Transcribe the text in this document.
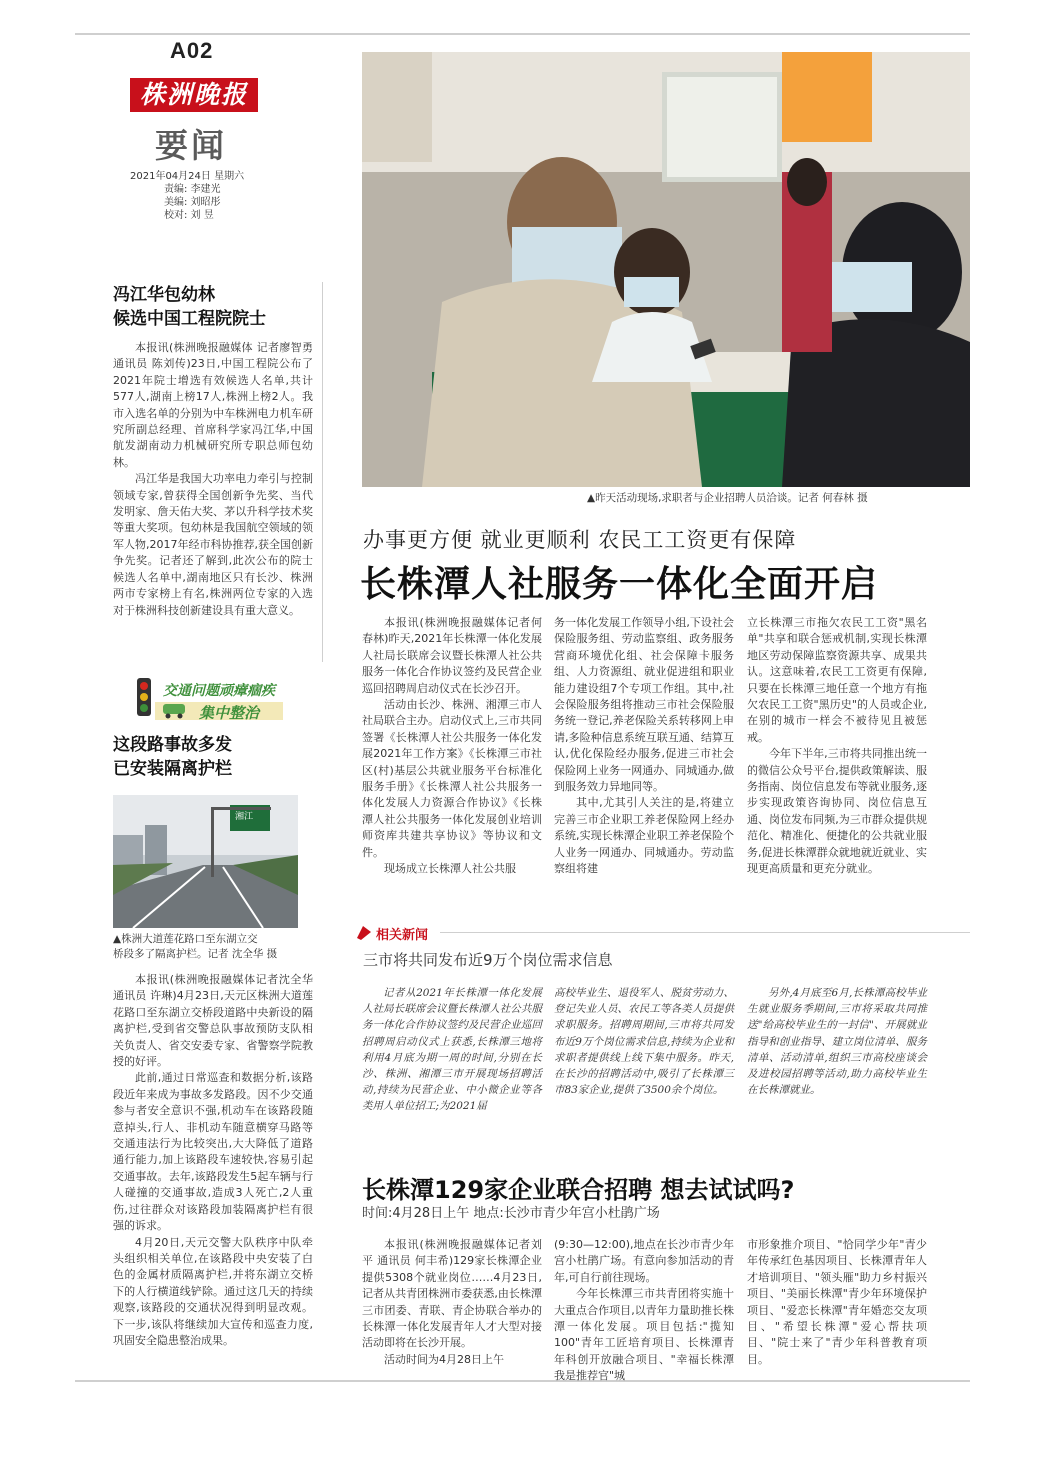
A02
株洲晚报
要闻
2021年04月24日 星期六
责编: 李建光
美编: 刘昭彤
校对: 刘 昱
冯江华包幼林
候选中国工程院院士

本报讯(株洲晚报融媒体 记者廖智勇 通讯员 陈刘传)23日,中国工程院公布了2021年院士增选有效候选人名单,共计577人,湖南上榜17人,株洲上榜2人。我市入选名单的分别为中车株洲电力机车研究所副总经理、首席科学家冯江华,中国航发湖南动力机械研究所专职总师包幼林。

冯江华是我国大功率电力牵引与控制领域专家,曾获得全国创新争先奖、当代发明家、詹天佑大奖、茅以升科学技术奖等重大奖项。包幼林是我国航空领域的领军人物,2017年经市科协推荐,获全国创新争先奖。记者还了解到,此次公布的院士候选人名单中,湖南地区只有长沙、株洲两市专家榜上有名,株洲两位专家的入选对于株洲科技创新建设具有重大意义。

交通问题顽瘴痼疾
集中整治
这段路事故多发
已安装隔离护栏
湘江
▲株洲大道莲花路口至东湖立交
桥段多了隔离护栏。记者 沈全华 摄

本报讯(株洲晚报融媒体记者沈全华 通讯员 许琳)4月23日,天元区株洲大道莲花路口至东湖立交桥段道路中央新设的隔离护栏,受到省交警总队事故预防支队相关负责人、省交安委专家、省警察学院教授的好评。

此前,通过日常巡查和数据分析,该路段近年来成为事故多发路段。因不少交通参与者安全意识不强,机动车在该路段随意掉头,行人、非机动车随意横穿马路等交通违法行为比较突出,大大降低了道路通行能力,加上该路段车速较快,容易引起交通事故。去年,该路段发生5起车辆与行人碰撞的交通事故,造成3人死亡,2人重伤,过往群众对该路段加装隔离护栏有很强的诉求。

4月20日,天元交警大队秩序中队牵头组织相关单位,在该路段中央安装了白色的金属材质隔离护栏,并将东湖立交桥下的人行横道线铲除。通过这几天的持续观察,该路段的交通状况得到明显改观。下一步,该队将继续加大宣传和巡查力度,巩固安全隐患整治成果。

▲昨天活动现场,求职者与企业招聘人员洽谈。记者 何春林 摄
办事更方便 就业更顺利 农民工工资更有保障
长株潭人社服务一体化全面开启

本报讯(株洲晚报融媒体记者何春林)昨天,2021年长株潭一体化发展人社局长联席会议暨长株潭人社公共服务一体化合作协议签约及民营企业巡回招聘周启动仪式在长沙召开。

活动由长沙、株洲、湘潭三市人社局联合主办。启动仪式上,三市共同签署《长株潭人社公共服务一体化发展2021年工作方案》《长株潭三市社区(村)基层公共就业服务平台标准化服务手册》《长株潭人社公共服务一体化发展人力资源合作协议》《长株潭人社公共服务一体化发展创业培训师资库共建共享协议》等协议和文件。

现场成立长株潭人社公共服

务一体化发展工作领导小组,下设社会保险服务组、劳动监察组、政务服务营商环境优化组、社会保障卡服务组、人力资源组、就业促进组和职业能力建设组7个专项工作组。其中,社会保险服务组将推动三市社会保险服务统一登记,养老保险关系转移网上申请,多险种信息系统互联互通、结算互认,优化保险经办服务,促进三市社会保险网上业务一网通办、同城通办,做到服务效力异地同等。

其中,尤其引人关注的是,将建立完善三市企业职工养老保险网上经办系统,实现长株潭企业职工养老保险个人业务一网通办、同城通办。劳动监察组将建

立长株潭三市拖欠农民工工资"黑名单"共享和联合惩戒机制,实现长株潭地区劳动保障监察资源共享、成果共认。这意味着,农民工工资更有保障,只要在长株潭三地任意一个地方有拖欠农民工工资"黑历史"的人员或企业,在别的城市一样会不被待见且被惩戒。

今年下半年,三市将共同推出统一的微信公众号平台,提供政策解读、服务指南、岗位信息发布等就业服务,逐步实现政策咨询协同、岗位信息互通、岗位发布同频,为三市群众提供规范化、精准化、便捷化的公共就业服务,促进长株潭群众就地就近就业、实现更高质量和更充分就业。

相关新闻
三市将共同发布近9万个岗位需求信息

记者从2021年长株潭一体化发展人社局长联席会议暨长株潭人社公共服务一体化合作协议签约及民营企业巡回招聘周启动仪式上获悉,长株潭三地将利用4月底为期一周的时间,分别在长沙、株洲、湘潭三市开展现场招聘活动,持续为民营企业、中小微企业等各类用人单位招工;为2021届

高校毕业生、退役军人、脱贫劳动力、登记失业人员、农民工等各类人员提供求职服务。招聘周期间,三市将共同发布近9万个岗位需求信息,持续为企业和求职者提供线上线下集中服务。昨天,在长沙的招聘活动中,吸引了长株潭三市83家企业,提供了3500余个岗位。

另外,4月底至6月,长株潭高校毕业生就业服务季期间,三市将采取共同推送"给高校毕业生的一封信"、开展就业指导和创业指导、建立岗位清单、服务清单、活动清单,组织三市高校座谈会及进校园招聘等活动,助力高校毕业生在长株潭就业。

长株潭129家企业联合招聘 想去试试吗?
时间:4月28日上午 地点:长沙市青少年宫小杜鹃广场

本报讯(株洲晚报融媒体记者刘平 通讯员 何丰希)129家长株潭企业提供5308个就业岗位……4月23日,记者从共青团株洲市委获悉,由长株潭三市团委、青联、青企协联合举办的长株潭一体化发展青年人才大型对接活动即将在长沙开展。

活动时间为4月28日上午

(9:30—12:00),地点在长沙市青少年宫小杜鹃广场。有意向参加活动的青年,可自行前往现场。

今年长株潭三市共青团将实施十大重点合作项目,以青年力量助推长株潭一体化发展。项目包括:"揽知100"青年工匠培育项目、长株潭青年科创开放融合项目、"幸福长株潭 我是推荐官"城

市形象推介项目、"恰同学少年"青少年传承红色基因项目、长株潭青年人才培训项目、"领头雁"助力乡村振兴项目、"美丽长株潭"青少年环境保护项目、"爱恋长株潭"青年婚恋交友项目、"希望长株潭"爱心帮扶项目、"院士来了"青少年科普教育项目。
